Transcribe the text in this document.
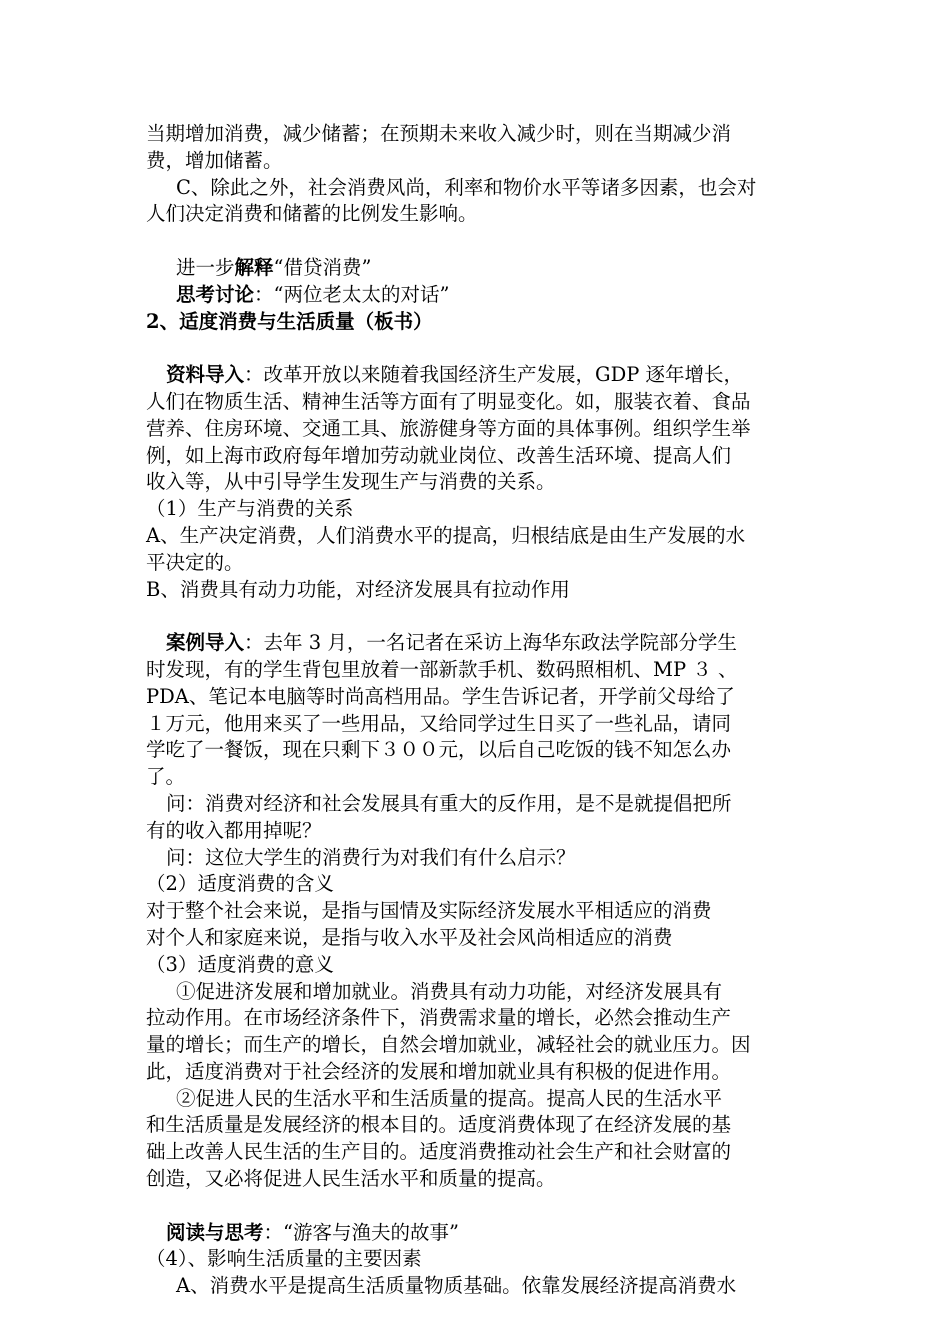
当期增加消费，减少储蓄；在预期未来收入减少时，则在当期减少消
费，增加储蓄。
C、除此之外，社会消费风尚，利率和物价水平等诸多因素，也会对
人们决定消费和储蓄的比例发生影响。
进一步解释“借贷消费”
思考讨论：“两位老太太的对话”
2、适度消费与生活质量（板书）
资料导入：改革开放以来随着我国经济生产发展，GDP 逐年增长，
人们在物质生活、精神生活等方面有了明显变化。如，服装衣着、食品
营养、住房环境、交通工具、旅游健身等方面的具体事例。组织学生举
例，如上海市政府每年增加劳动就业岗位、改善生活环境、提高人们
收入等，从中引导学生发现生产与消费的关系。
（1）生产与消费的关系
A、生产决定消费，人们消费水平的提高，归根结底是由生产发展的水
平决定的。
B、消费具有动力功能，对经济发展具有拉动作用
案例导入：去年 3 月，一名记者在采访上海华东政法学院部分学生
时发现，有的学生背包里放着一部新款手机、数码照相机、MP ３ 、
PDA、笔记本电脑等时尚高档用品。学生告诉记者，开学前父母给了
１万元，他用来买了一些用品，又给同学过生日买了一些礼品，请同
学吃了一餐饭，现在只剩下３００元，以后自己吃饭的钱不知怎么办
了。
问：消费对经济和社会发展具有重大的反作用，是不是就提倡把所
有的收入都用掉呢？
问：这位大学生的消费行为对我们有什么启示？
（2）适度消费的含义
对于整个社会来说，是指与国情及实际经济发展水平相适应的消费
对个人和家庭来说，是指与收入水平及社会风尚相适应的消费
（3）适度消费的意义
①促进济发展和增加就业。消费具有动力功能，对经济发展具有
拉动作用。在市场经济条件下，消费需求量的增长，必然会推动生产
量的增长；而生产的增长，自然会增加就业，减轻社会的就业压力。因
此，适度消费对于社会经济的发展和增加就业具有积极的促进作用。
②促进人民的生活水平和生活质量的提高。提高人民的生活水平
和生活质量是发展经济的根本目的。适度消费体现了在经济发展的基
础上改善人民生活的生产目的。适度消费推动社会生产和社会财富的
创造，又必将促进人民生活水平和质量的提高。
阅读与思考：“游客与渔夫的故事”
（4）、影响生活质量的主要因素
A、消费水平是提高生活质量物质基础。依靠发展经济提高消费水
